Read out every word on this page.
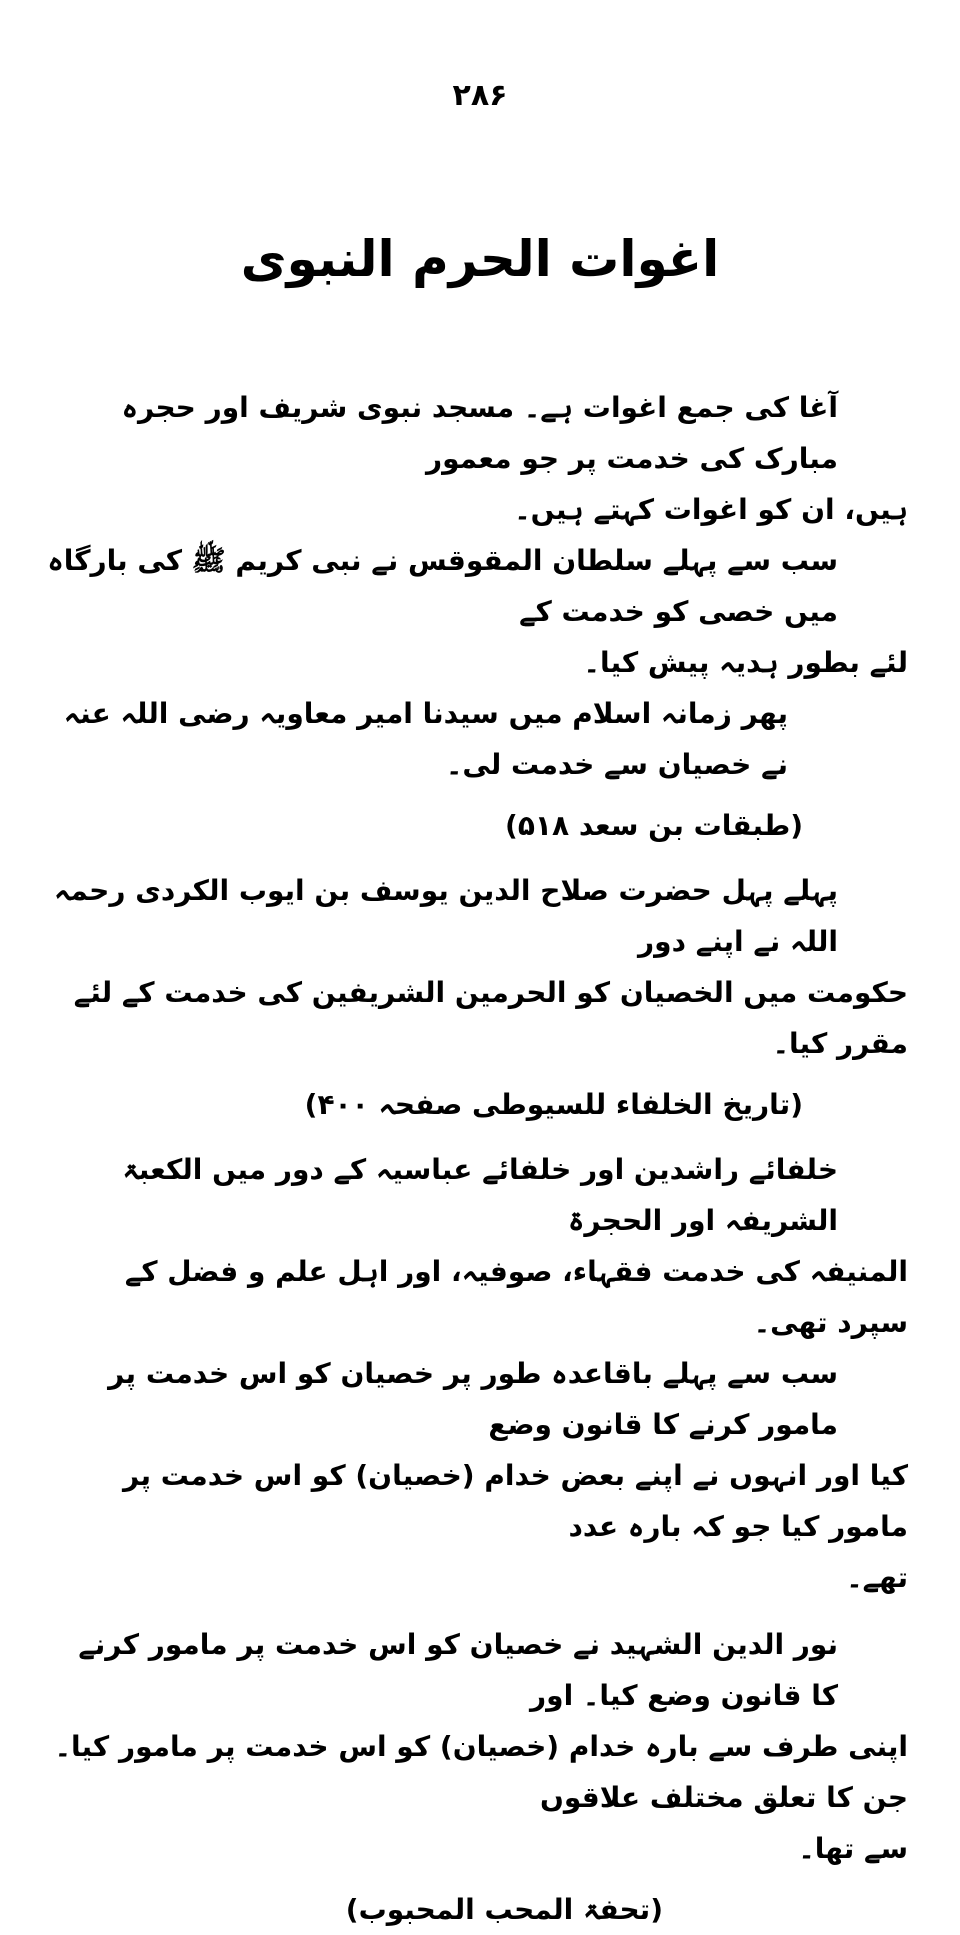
۲۸۶
اغوات الحرم النبوی
آغا کی جمع اغوات ہے۔ مسجد نبوی شریف اور حجرہ مبارک کی خدمت پر جو معمور
ہیں، ان کو اغوات کہتے ہیں۔
سب سے پہلے سلطان المقوقس نے نبی کریم ﷺ کی بارگاہ میں خصی کو خدمت کے
لئے بطور ہدیہ پیش کیا۔
پھر زمانہ اسلام میں سیدنا امیر معاویہ رضی اللہ عنہ نے خصیان سے خدمت لی۔
(طبقات بن سعد ۵۱۸)
پہلے پہل حضرت صلاح الدین یوسف بن ایوب الکردی رحمہ اللہ نے اپنے دور
حکومت میں الخصیان کو الحرمین الشریفین کی خدمت کے لئے مقرر کیا۔
(تاریخ الخلفاء للسیوطی صفحہ ۴۰۰)
خلفائے راشدین اور خلفائے عباسیہ کے دور میں الکعبۃ الشریفہ اور الحجرۃ
المنیفہ کی خدمت فقہاء، صوفیہ، اور اہل علم و فضل کے سپرد تھی۔
سب سے پہلے باقاعدہ طور پر خصیان کو اس خدمت پر مامور کرنے کا قانون وضع
کیا اور انہوں نے اپنے بعض خدام (خصیان) کو اس خدمت پر مامور کیا جو کہ بارہ عدد
تھے۔
نور الدین الشہید نے خصیان کو اس خدمت پر مامور کرنے کا قانون وضع کیا۔ اور
اپنی طرف سے بارہ خدام (خصیان) کو اس خدمت پر مامور کیا۔ جن کا تعلق مختلف علاقوں
سے تھا۔
(تحفۃ المحب المحبوب)
